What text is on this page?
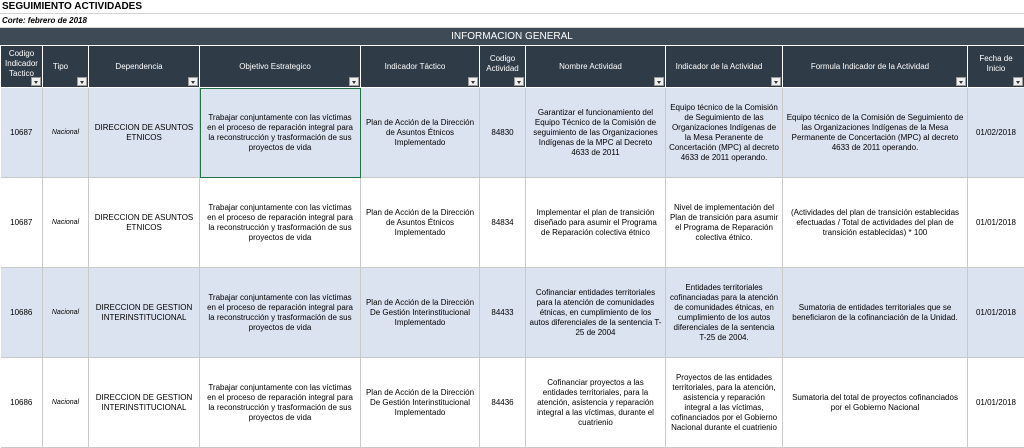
SEGUIMIENTO ACTIVIDADES
Corte: febrero de 2018
INFORMACION GENERAL
Codigo Indicador Tactico	Tipo	Dependencia	Objetivo Estrategico	Indicador Táctico	Codigo Actividad	Nombre Actividad	Indicador de la Actividad	Formula Indicador de la Actividad	Fecha de Inicio

10687	Nacional	DIRECCION DE ASUNTOS ETNICOS	Trabajar conjuntamente con las víctimas en el proceso de reparación integral para la reconstrucción y trasformación de sus proyectos de vida	Plan de Acción de la Dirección de Asuntos Étnicos Implementado	84830	Garantizar el funcionamiento del Equipo Técnico de la Comisión de seguimiento de las Organizaciones Indígenas de la MPC al Decreto 4633 de 2011	Equipo técnico de la Comisión de Seguimiento de las Organizaciones Indígenas de la Mesa Peranente de Concertación (MPC) al decreto 4633 de 2011 operando.	Equipo técnico de la Comisión de Seguimiento de las Organizaciones Indígenas de la Mesa Permanente de Concertación (MPC) al decreto 4633 de 2011 operando.	01/02/2018
10687	Nacional	DIRECCION DE ASUNTOS ETNICOS	Trabajar conjuntamente con las víctimas en el proceso de reparación integral para la reconstrucción y trasformación de sus proyectos de vida	Plan de Acción de la Dirección de Asuntos Étnicos Implementado	84834	Implementar el plan de transición diseñado para asumir el Programa de Reparación colectiva étnico	Nivel de implementación del Plan de transición para asumir el Programa de Reparación colectiva étnico.	(Actividades del plan de transición establecidas efectuadas / Total de actividades del plan de transición establecidas) * 100	01/01/2018
10686	Nacional	DIRECCION DE GESTION INTERINSTITUCIONAL	Trabajar conjuntamente con las víctimas en el proceso de reparación integral para la reconstrucción y trasformación de sus proyectos de vida	Plan de Acción de la Dirección De Gestión Interinstitucional Implementado	84433	Cofinanciar entidades territoriales para la atención de comunidades étnicas, en cumplimiento de los autos diferenciales de la sentencia T-25 de 2004	Entidades territoriales cofinanciadas para la atención de comunidades étnicas, en cumplimiento de los autos diferenciales de la sentencia T-25 de 2004.	Sumatoria de entidades territoriales que se beneficiaron de la cofinanciación de la Unidad.	01/01/2018
10686	Nacional	DIRECCION DE GESTION INTERINSTITUCIONAL	Trabajar conjuntamente con las víctimas en el proceso de reparación integral para la reconstrucción y trasformación de sus proyectos de vida	Plan de Acción de la Dirección De Gestión Interinstitucional Implementado	84436	Cofinanciar proyectos a las entidades territoriales, para la atención, asistencia y reparación integral a las víctimas, durante el cuatrienio	Proyectos de las entidades territoriales, para la atención, asistencia y reparación integral a las víctimas, cofinanciados por el Gobierno Nacional durante el cuatrienio	Sumatoria del total de proyectos cofinanciados por el Gobierno Nacional	01/01/2018
